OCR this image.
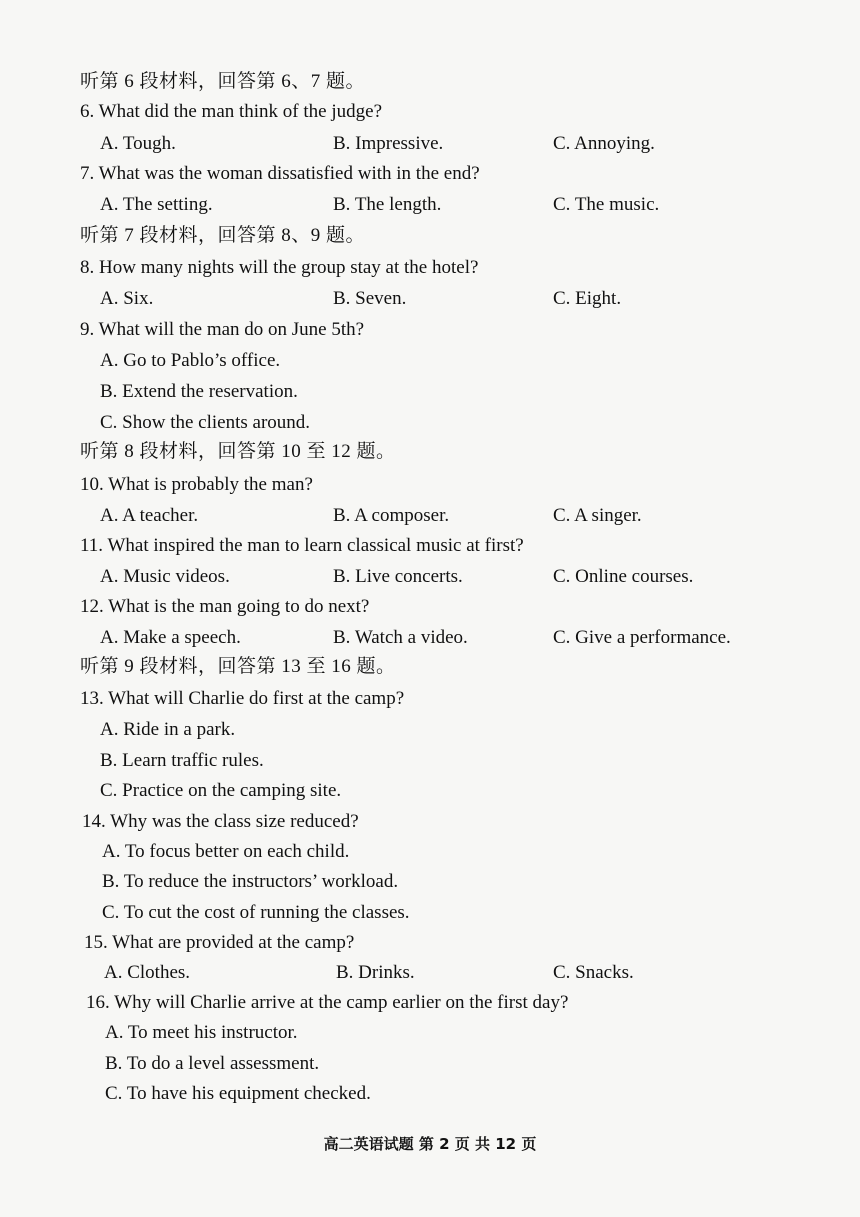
听第 6 段材料，回答第 6、7 题。
6. What did the man think of the judge?
A. Tough.	B. Impressive.	C. Annoying.
7. What was the woman dissatisfied with in the end?
A. The setting.	B. The length.	C. The music.
听第 7 段材料，回答第 8、9 题。
8. How many nights will the group stay at the hotel?
A. Six.	B. Seven.	C. Eight.
9. What will the man do on June 5th?
A. Go to Pablo’s office.
B. Extend the reservation.
C. Show the clients around.
听第 8 段材料，回答第 10 至 12 题。
10. What is probably the man?
A. A teacher.	B. A composer.	C. A singer.
11. What inspired the man to learn classical music at first?
A. Music videos.	B. Live concerts.	C. Online courses.
12. What is the man going to do next?
A. Make a speech.	B. Watch a video.	C. Give a performance.
听第 9 段材料，回答第 13 至 16 题。
13. What will Charlie do first at the camp?
A. Ride in a park.
B. Learn traffic rules.
C. Practice on the camping site.
14. Why was the class size reduced?
A. To focus better on each child.
B. To reduce the instructors’ workload.
C. To cut the cost of running the classes.
15. What are provided at the camp?
A. Clothes.	B. Drinks.	C. Snacks.
16. Why will Charlie arrive at the camp earlier on the first day?
A. To meet his instructor.
B. To do a level assessment.
C. To have his equipment checked.
高二英语试题 第 2 页 共 12 页
